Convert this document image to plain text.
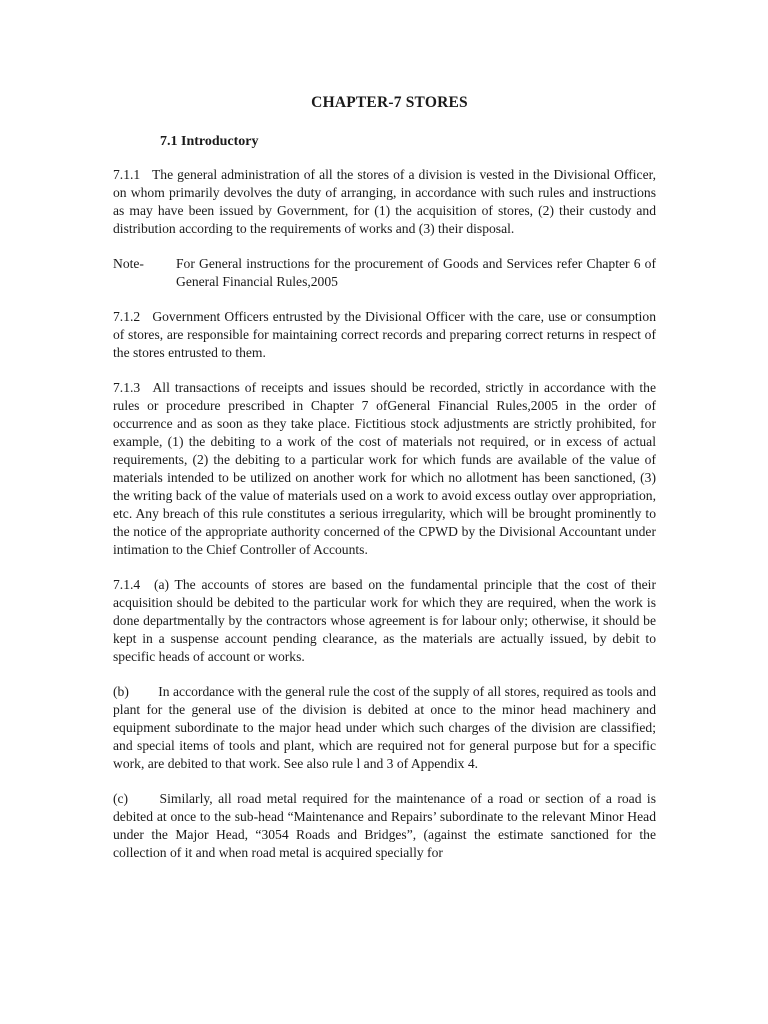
CHAPTER-7 STORES
7.1 Introductory

7.1.1 The general administration of all the stores of a division is vested in the Divisional Officer, on whom primarily devolves the duty of arranging, in accordance with such rules and instructions as may have been issued by Government, for (1) the acquisition of stores, (2) their custody and distribution according to the requirements of works and (3) their disposal.

Note-	For General instructions for the procurement of Goods and Services refer Chapter 6 of General Financial Rules,2005

7.1.2 Government Officers entrusted by the Divisional Officer with the care, use or consumption of stores, are responsible for maintaining correct records and preparing correct returns in respect of the stores entrusted to them.

7.1.3 All transactions of receipts and issues should be recorded, strictly in accordance with the rules or procedure prescribed in Chapter 7 ofGeneral Financial Rules,2005 in the order of occurrence and as soon as they take place. Fictitious stock adjustments are strictly prohibited, for example, (1) the debiting to a work of the cost of materials not required, or in excess of actual requirements, (2) the debiting to a particular work for which funds are available of the value of materials intended to be utilized on another work for which no allotment has been sanctioned, (3) the writing back of the value of materials used on a work to avoid excess outlay over appropriation, etc. Any breach of this rule constitutes a serious irregularity, which will be brought prominently to the notice of the appropriate authority concerned of the CPWD by the Divisional Accountant under intimation to the Chief Controller of Accounts.

7.1.4 (a) The accounts of stores are based on the fundamental principle that the cost of their acquisition should be debited to the particular work for which they are required, when the work is done departmentally by the contractors whose agreement is for labour only; otherwise, it should be kept in a suspense account pending clearance, as the materials are actually issued, by debit to specific heads of account or works.

(b) In accordance with the general rule the cost of the supply of all stores, required as tools and plant for the general use of the division is debited at once to the minor head machinery and equipment subordinate to the major head under which such charges of the division are classified; and special items of tools and plant, which are required not for general purpose but for a specific work, are debited to that work. See also rule l and 3 of Appendix 4.

(c) Similarly, all road metal required for the maintenance of a road or section of a road is debited at once to the sub-head “Maintenance and Repairs’ subordinate to the relevant Minor Head under the Major Head, “3054 Roads and Bridges”, (against the estimate sanctioned for the collection of it and when road metal is acquired specially for
